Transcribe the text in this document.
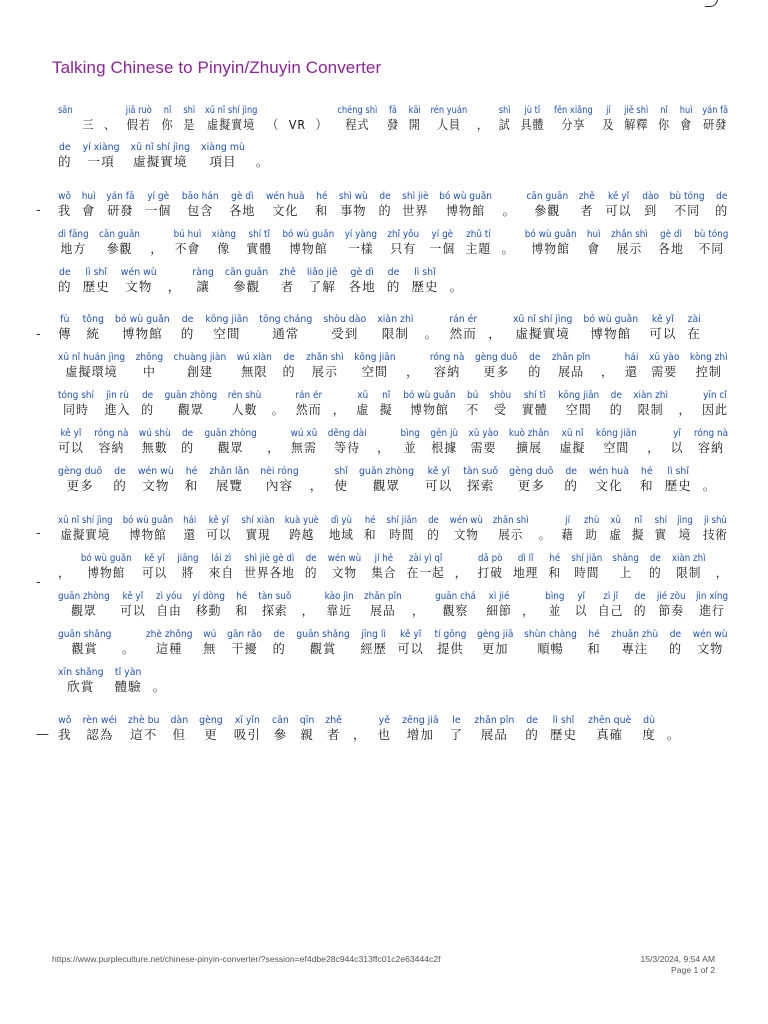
Talking Chinese to Pinyin/Zhuyin Converter
-
-
-
-
—
sān
三 、
jiǎ ruò
假若
nǐ
你
shì
是
xū nǐ shí jìng
虛擬實境 （ VR ）
chéng shì
程式
fā
發
kāi
開
rén yuán
人員 ，
shì
試
jù tǐ
具體
fēn xiǎng
分享
jí
及
jiě shì
解釋
nǐ
你
huì
會
yán fā
研發
de
的
yí xiàng
一項
xū nǐ shí jìng
虛擬實境
xiàng mù
項目 。
wǒ
我
huì
會
yán fā
研發
yí gè
一個
bāo hán
包含
gè dì
各地
wén huà
文化
hé
和
shì wù
事物
de
的
shì jiè
世界
bó wù guǎn
博物館 。
cān guān
參觀
zhě
者
kě yǐ
可以
dào
到
bù tóng
不同
de
的
dì fāng
地方
cān guān
參觀 ，
bú huì
不會
xiàng
像
shí tǐ
實體
bó wù guǎn
博物館
yí yàng
一樣
zhǐ yǒu
只有
yí gè
一個
zhǔ tí
主題 。
bó wù guǎn
博物館
huì
會
zhǎn shì
展示
gè dì
各地
bù tóng
不同
de
的
lì shǐ
歷史
wén wù
文物 ，
ràng
讓
cān guān
參觀
zhě
者
liǎo jiě
了解
gè dì
各地
de
的
lì shǐ
歷史 。
fù
傳
tǒng
統
bó wù guǎn
博物館
de
的
kōng jiān
空間
tōng cháng
通常
shòu dào
受到
xiàn zhì
限制 。
rán ér
然而 ，
xū nǐ shí jìng
虛擬實境
bó wù guǎn
博物館
kě yǐ
可以
zài
在
xū nǐ huán jìng
虛擬環境
zhōng
中
chuàng jiàn
創建
wú xiàn
無限
de
的
zhǎn shì
展示
kōng jiān
空間 ，
róng nà
容納
gèng duō
更多
de
的
zhǎn pǐn
展品 ，
hái
還
xū yào
需要
kòng zhì
控制
tóng shí
同時
jìn rù
進入
de
的
guān zhòng
觀眾
rén shù
人數 。
rán ér
然而 ，
xū
虛
nǐ
擬
bó wù guǎn
博物館
bú
不
shòu
受
shí tǐ
實體
kōng jiān
空間
de
的
xiàn zhì
限制 ，
yīn cǐ
因此
kě yǐ
可以
róng nà
容納
wú shù
無數
de
的
guān zhòng
觀眾 ，
wú xū
無需
děng dài
等待 ，
bìng
並
gēn jù
根據
xū yào
需要
kuò zhǎn
擴展
xū nǐ
虛擬
kōng jiān
空間 ，
yǐ
以
róng nà
容納
gèng duō
更多
de
的
wén wù
文物
hé
和
zhǎn lǎn
展覽
nèi róng
內容 ，
shǐ
使
guān zhòng
觀眾
kě yǐ
可以
tàn suǒ
探索
gèng duō
更多
de
的
wén huà
文化
hé
和
lì shǐ
歷史 。
xū nǐ shí jìng
虛擬實境
bó wù guǎn
博物館
hái
還
kě yǐ
可以
shí xiàn
實現
kuà yuè
跨越
dì yù
地域
hé
和
shí jiān
時間
de
的
wén wù
文物
zhǎn shì
展示 。
jí
藉
zhù
助
xū
虛
nǐ
擬
shí
實
jìng
境
jì shù
技術
，
bó wù guǎn
博物館
kě yǐ
可以
jiāng
將
lái zì
來自
shì jiè gè dì
世界各地
de
的
wén wù
文物
jí hé
集合
zài yì qǐ
在一起 ，
dǎ pò
打破
dì lǐ
地理
hé
和
shí jiān
時間
shàng
上
de
的
xiàn zhì
限制 ，
guān zhòng
觀眾
kě yǐ
可以
zì yóu
自由
yí dòng
移動
hé
和
tàn suǒ
探索 ，
kào jìn
靠近
zhǎn pǐn
展品 ，
guān chá
觀察
xì jié
細節 ，
bìng
並
yǐ
以
zì jǐ
自己
de
的
jié zòu
節奏
jìn xíng
進行
guān shǎng
觀賞 。
zhè zhǒng
這種
wú
無
gān rǎo
干擾
de
的
guān shǎng
觀賞
jīng lì
經歷
kě yǐ
可以
tí gōng
提供
gèng jiā
更加
shùn chàng
順暢
hé
和
zhuān zhù
專注
de
的
wén wù
文物
xīn shǎng
欣賞
tǐ yàn
體驗 。
wǒ
我
rèn wéi
認為
zhè bu
這不
dàn
但
gèng
更
xī yǐn
吸引
cān
參
qīn
親
zhě
者 ，
yě
也
zēng jiā
增加
le
了
zhǎn pǐn
展品
de
的
lì shǐ
歷史
zhēn què
真確
dù
度 。
https://www.purpleculture.net/chinese-pinyin-converter/?session=ef4dbe28c944c313ffc01c2e63444c2f	15/3/2024, 9:54 AM
Page 1 of 2
